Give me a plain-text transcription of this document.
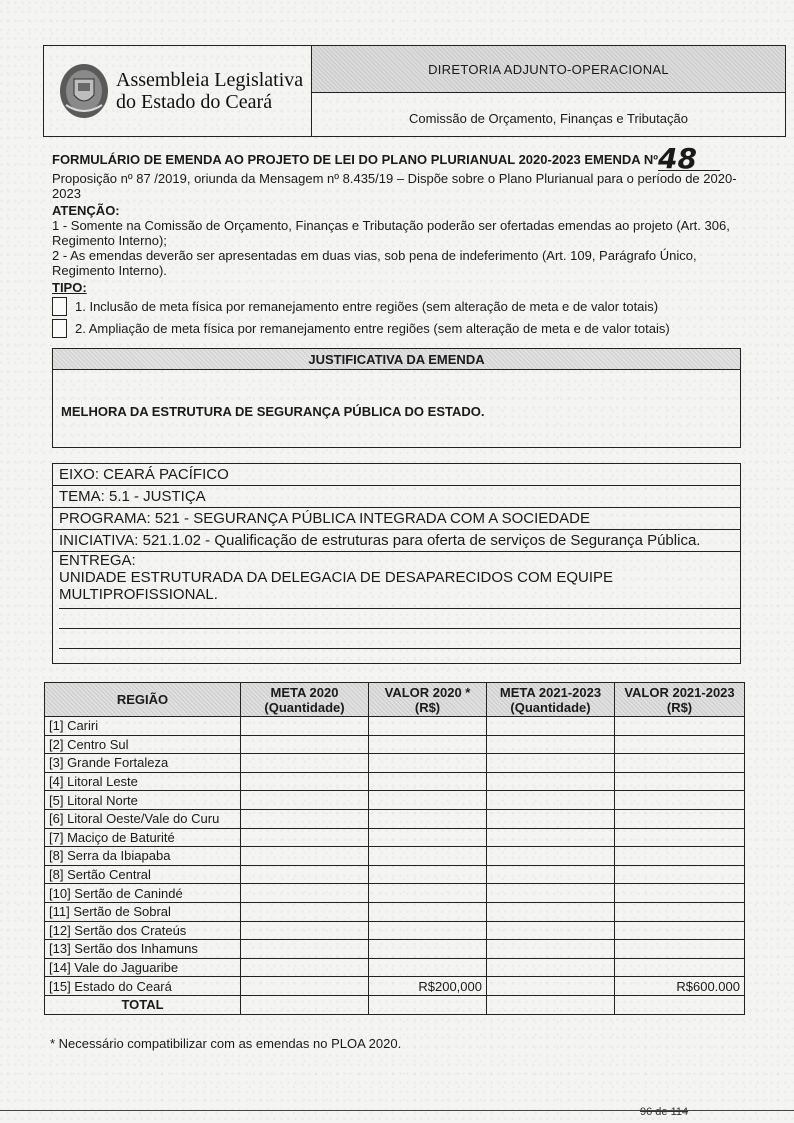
Assembleia Legislativa
do Estado do Ceará
DIRETORIA ADJUNTO-OPERACIONAL
Comissão de Orçamento, Finanças e Tributação
FORMULÁRIO DE EMENDA AO PROJETO DE LEI DO PLANO PLURIANUAL 2020-2023 EMENDA Nº48
Proposição nº 87 /2019, oriunda da Mensagem nº 8.435/19 – Dispõe sobre o Plano Plurianual para o período de 2020-2023
ATENÇÃO:
1 - Somente na Comissão de Orçamento, Finanças e Tributação poderão ser ofertadas emendas ao projeto (Art. 306, Regimento Interno);
2 - As emendas deverão ser apresentadas em duas vias, sob pena de indeferimento (Art. 109, Parágrafo Único, Regimento Interno).
TIPO:
1. Inclusão de meta física por remanejamento entre regiões (sem alteração de meta e de valor totais)
2. Ampliação de meta física por remanejamento entre regiões (sem alteração de meta e de valor totais)
JUSTIFICATIVA DA EMENDA
MELHORA DA ESTRUTURA DE SEGURANÇA PÚBLICA DO ESTADO.
EIXO: CEARÁ PACÍFICO
TEMA: 5.1 - JUSTIÇA
PROGRAMA: 521 - SEGURANÇA PÚBLICA INTEGRADA COM A SOCIEDADE
INICIATIVA: 521.1.02 - Qualificação de estruturas para oferta de serviços de Segurança Pública.
ENTREGA:
UNIDADE ESTRUTURADA DA DELEGACIA DE DESAPARECIDOS COM EQUIPE MULTIPROFISSIONAL.
REGIÃO	META 2020 (Quantidade)	VALOR 2020 * (R$)	META 2021-2023 (Quantidade)	VALOR 2021-2023 (R$)
[1] Cariri				
[2] Centro Sul				
[3] Grande Fortaleza				
[4] Litoral Leste				
[5] Litoral Norte				
[6] Litoral Oeste/Vale do Curu				
[7] Maciço de Baturité				
[8] Serra da Ibiapaba				
[8] Sertão Central				
[10] Sertão de Canindé				
[11] Sertão de Sobral				
[12] Sertão dos Crateús				
[13] Sertão dos Inhamuns				
[14] Vale do Jaguaribe				
[15] Estado do Ceará		R$200,000		R$600.000
TOTAL				
* Necessário compatibilizar com as emendas no PLOA 2020.
96 de 114
